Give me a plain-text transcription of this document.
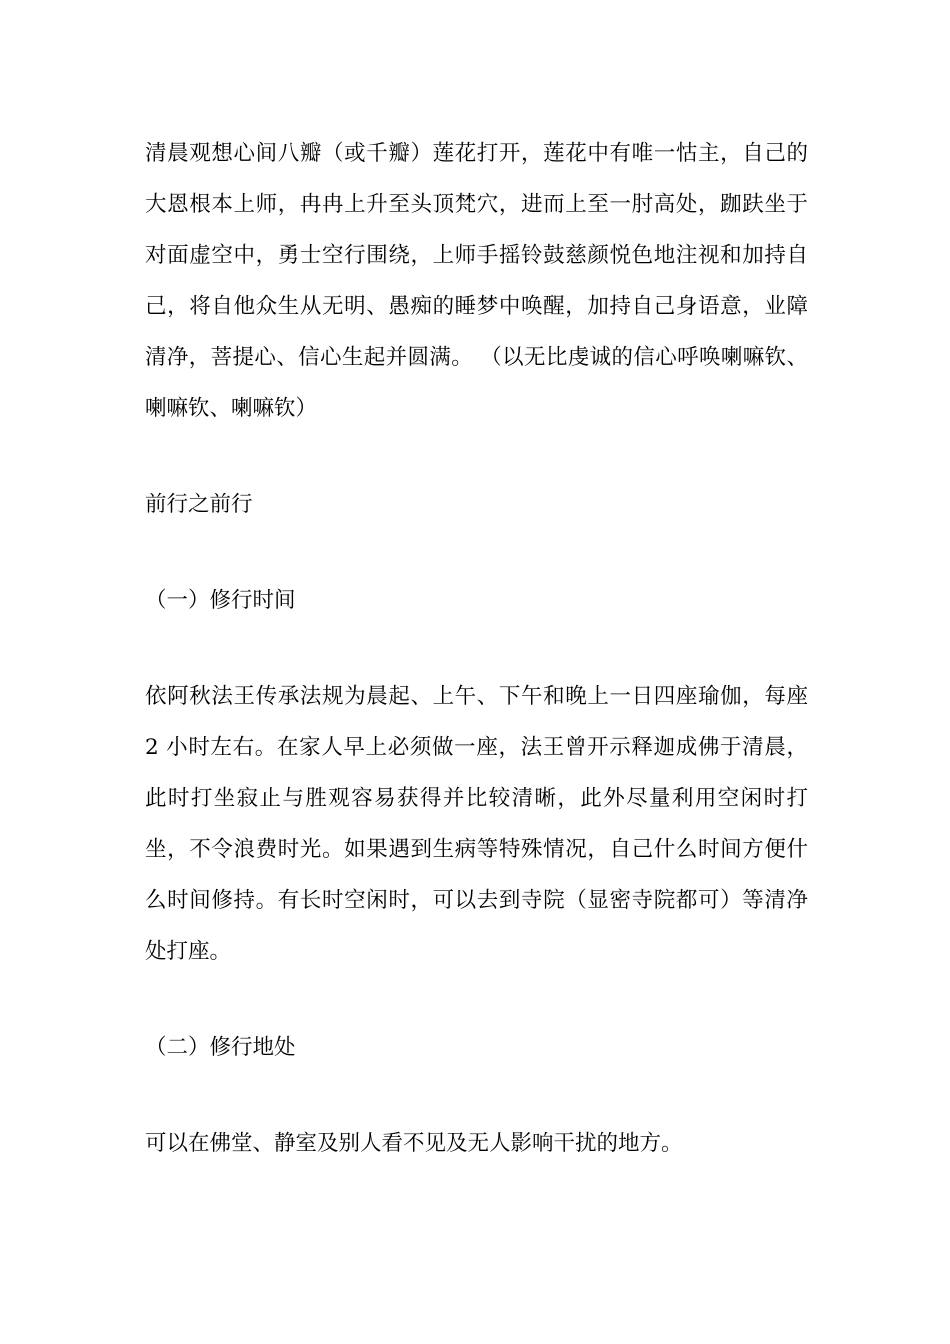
清晨观想心间八瓣（或千瓣）莲花打开，莲花中有唯一怙主，自己的大恩根本上师，冉冉上升至头顶梵穴，进而上至一肘高处，跏趺坐于对面虚空中，勇士空行围绕，上师手摇铃鼓慈颜悦色地注视和加持自己，将自他众生从无明、愚痴的睡梦中唤醒，加持自己身语意，业障清净，菩提心、信心生起并圆满。 （以无比虔诚的信心呼唤喇嘛钦、喇嘛钦、喇嘛钦）

前行之前行

（一）修行时间

依阿秋法王传承法规为晨起、上午、下午和晚上一日四座瑜伽，每座 2 小时左右。在家人早上必须做一座，法王曾开示释迦成佛于清晨，此时打坐寂止与胜观容易获得并比较清晰，此外尽量利用空闲时打坐，不令浪费时光。如果遇到生病等特殊情况，自己什么时间方便什么时间修持。有长时空闲时，可以去到寺院（显密寺院都可）等清净处打座。

（二）修行地处

可以在佛堂、静室及别人看不见及无人影响干扰的地方。
